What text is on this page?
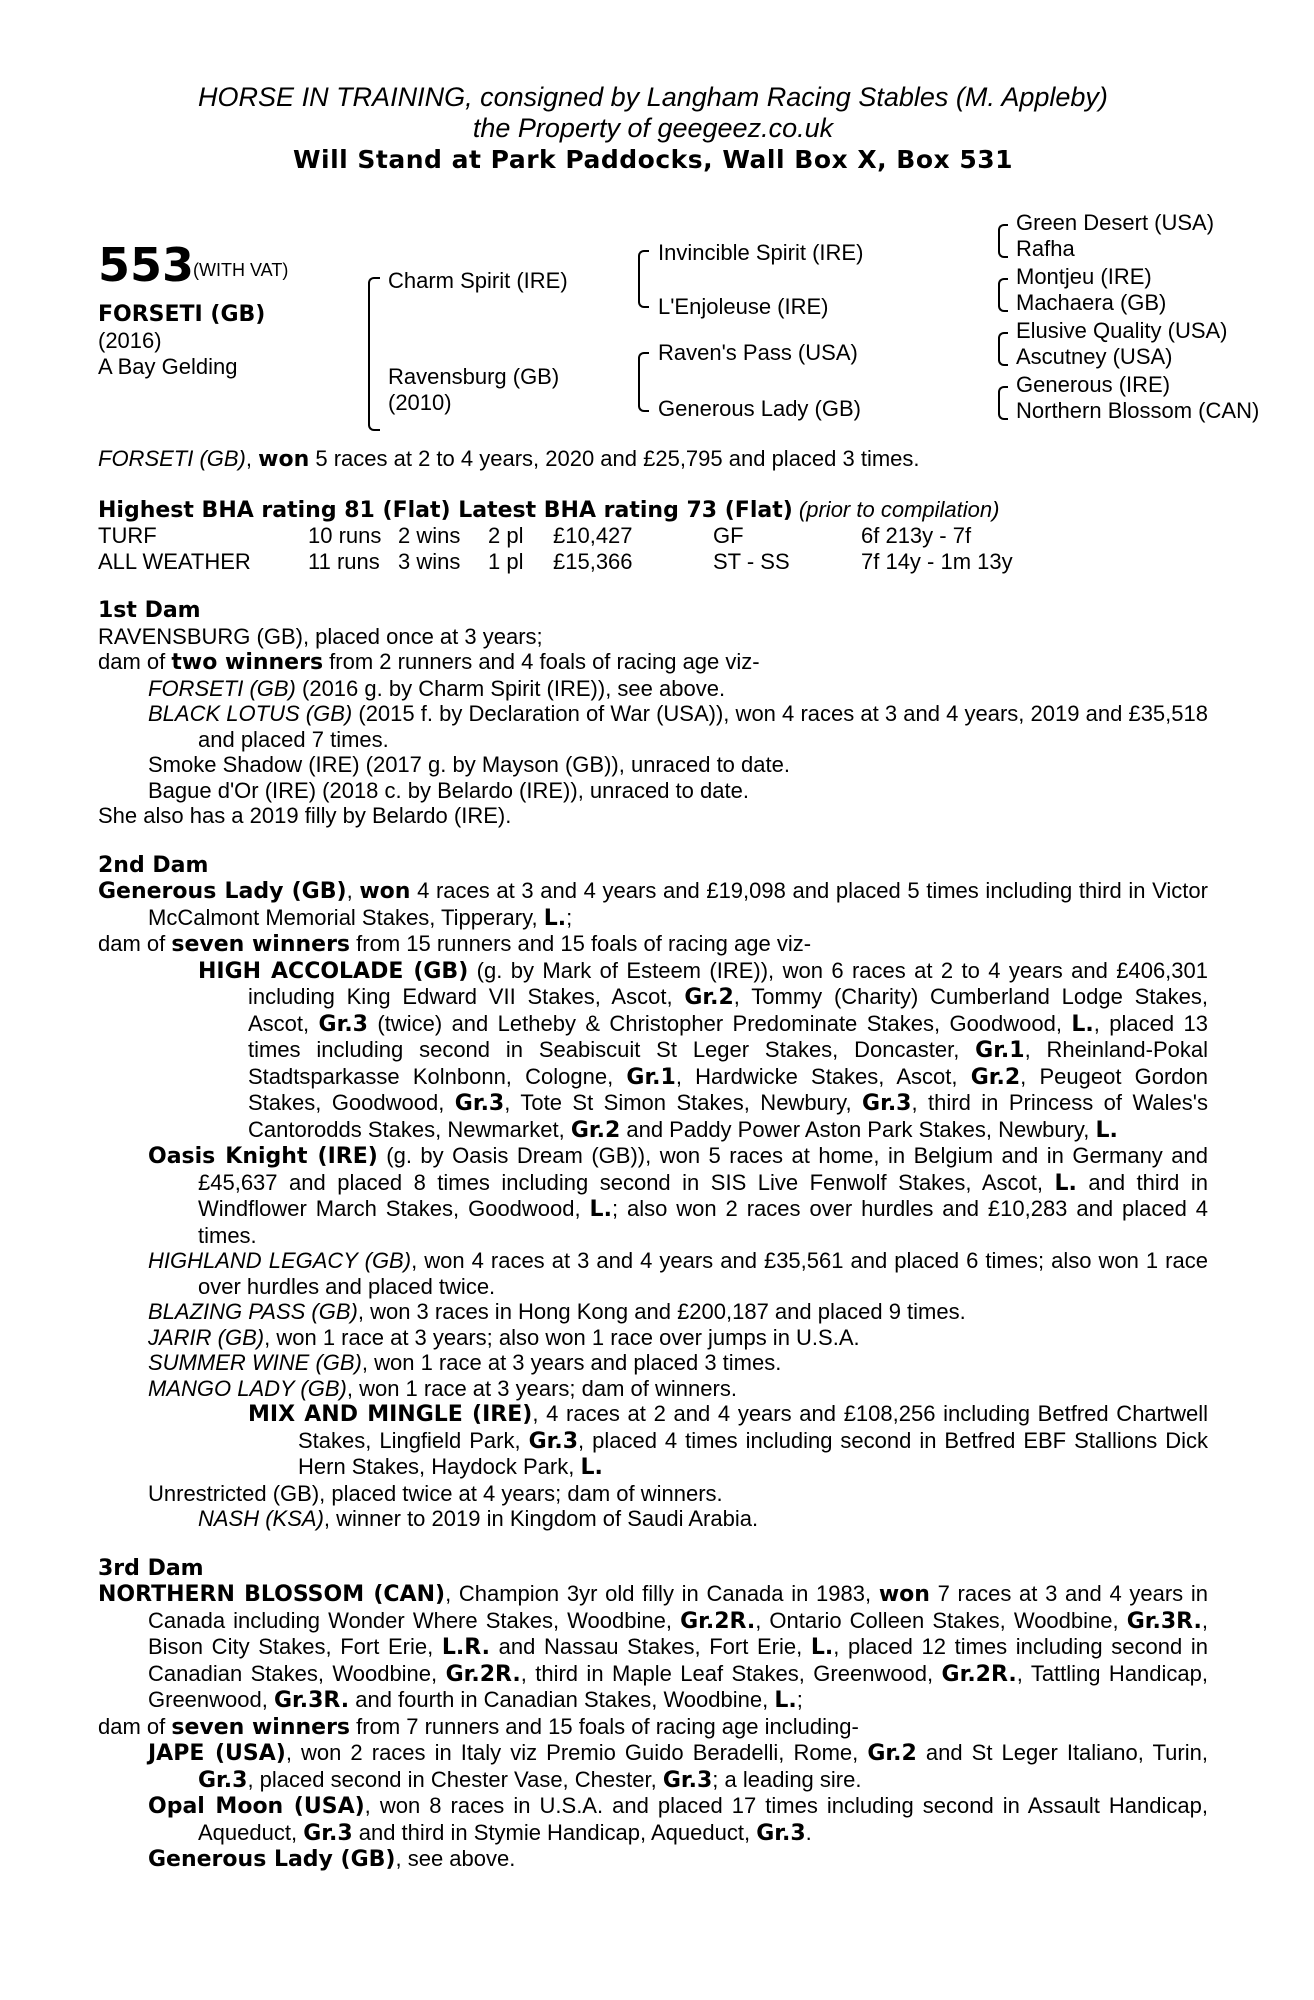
HORSE IN TRAINING, consigned by Langham Racing Stables (M. Appleby)
the Property of geegeez.co.uk
Will Stand at Park Paddocks, Wall Box X, Box 531
553
(WITH VAT)
FORSETI (GB)
(2016)
A Bay Gelding
Charm Spirit (IRE)
Ravensburg (GB)
(2010)
Invincible Spirit (IRE)
L'Enjoleuse (IRE)
Raven's Pass (USA)
Generous Lady (GB)
Green Desert (USA)
Rafha
Montjeu (IRE)
Machaera (GB)
Elusive Quality (USA)
Ascutney (USA)
Generous (IRE)
Northern Blossom (CAN)

FORSETI (GB), won 5 races at 2 to 4 years, 2020 and £25,795 and placed 3 times.

Highest BHA rating 81 (Flat) Latest BHA rating 73 (Flat) (prior to compilation)

TURF	10 runs	2 wins	2 pl	£10,427	GF	6f 213y - 7f
ALL WEATHER	11 runs	3 wins	1 pl	£15,366	ST - SS	7f 14y - 1m 13y

1st Dam

RAVENSBURG (GB), placed once at 3 years;

dam of two winners from 2 runners and 4 foals of racing age viz-

FORSETI (GB) (2016 g. by Charm Spirit (IRE)), see above.

BLACK LOTUS (GB) (2015 f. by Declaration of War (USA)), won 4 races at 3 and 4 years, 2019 and £35,518 and placed 7 times.

Smoke Shadow (IRE) (2017 g. by Mayson (GB)), unraced to date.

Bague d'Or (IRE) (2018 c. by Belardo (IRE)), unraced to date.

She also has a 2019 filly by Belardo (IRE).

2nd Dam

Generous Lady (GB), won 4 races at 3 and 4 years and £19,098 and placed 5 times including third in Victor McCalmont Memorial Stakes, Tipperary, L.;

dam of seven winners from 15 runners and 15 foals of racing age viz-

HIGH ACCOLADE (GB) (g. by Mark of Esteem (IRE)), won 6 races at 2 to 4 years and £406,301 including King Edward VII Stakes, Ascot, Gr.2, Tommy (Charity) Cumberland Lodge Stakes, Ascot, Gr.3 (twice) and Letheby & Christopher Predominate Stakes, Goodwood, L., placed 13 times including second in Seabiscuit St Leger Stakes, Doncaster, Gr.1, Rheinland-Pokal Stadtsparkasse Kolnbonn, Cologne, Gr.1, Hardwicke Stakes, Ascot, Gr.2, Peugeot Gordon Stakes, Goodwood, Gr.3, Tote St Simon Stakes, Newbury, Gr.3, third in Princess of Wales's Cantorodds Stakes, Newmarket, Gr.2 and Paddy Power Aston Park Stakes, Newbury, L.

Oasis Knight (IRE) (g. by Oasis Dream (GB)), won 5 races at home, in Belgium and in Germany and £45,637 and placed 8 times including second in SIS Live Fenwolf Stakes, Ascot, L. and third in Windflower March Stakes, Goodwood, L.; also won 2 races over hurdles and £10,283 and placed 4 times.

HIGHLAND LEGACY (GB), won 4 races at 3 and 4 years and £35,561 and placed 6 times; also won 1 race over hurdles and placed twice.

BLAZING PASS (GB), won 3 races in Hong Kong and £200,187 and placed 9 times.

JARIR (GB), won 1 race at 3 years; also won 1 race over jumps in U.S.A.

SUMMER WINE (GB), won 1 race at 3 years and placed 3 times.

MANGO LADY (GB), won 1 race at 3 years; dam of winners.

MIX AND MINGLE (IRE), 4 races at 2 and 4 years and £108,256 including Betfred Chartwell Stakes, Lingfield Park, Gr.3, placed 4 times including second in Betfred EBF Stallions Dick Hern Stakes, Haydock Park, L.

Unrestricted (GB), placed twice at 4 years; dam of winners.

NASH (KSA), winner to 2019 in Kingdom of Saudi Arabia.

3rd Dam

NORTHERN BLOSSOM (CAN), Champion 3yr old filly in Canada in 1983, won 7 races at 3 and 4 years in Canada including Wonder Where Stakes, Woodbine, Gr.2R., Ontario Colleen Stakes, Woodbine, Gr.3R., Bison City Stakes, Fort Erie, L.R. and Nassau Stakes, Fort Erie, L., placed 12 times including second in Canadian Stakes, Woodbine, Gr.2R., third in Maple Leaf Stakes, Greenwood, Gr.2R., Tattling Handicap, Greenwood, Gr.3R. and fourth in Canadian Stakes, Woodbine, L.;

dam of seven winners from 7 runners and 15 foals of racing age including-

JAPE (USA), won 2 races in Italy viz Premio Guido Beradelli, Rome, Gr.2 and St Leger Italiano, Turin, Gr.3, placed second in Chester Vase, Chester, Gr.3; a leading sire.

Opal Moon (USA), won 8 races in U.S.A. and placed 17 times including second in Assault Handicap, Aqueduct, Gr.3 and third in Stymie Handicap, Aqueduct, Gr.3.

Generous Lady (GB), see above.
